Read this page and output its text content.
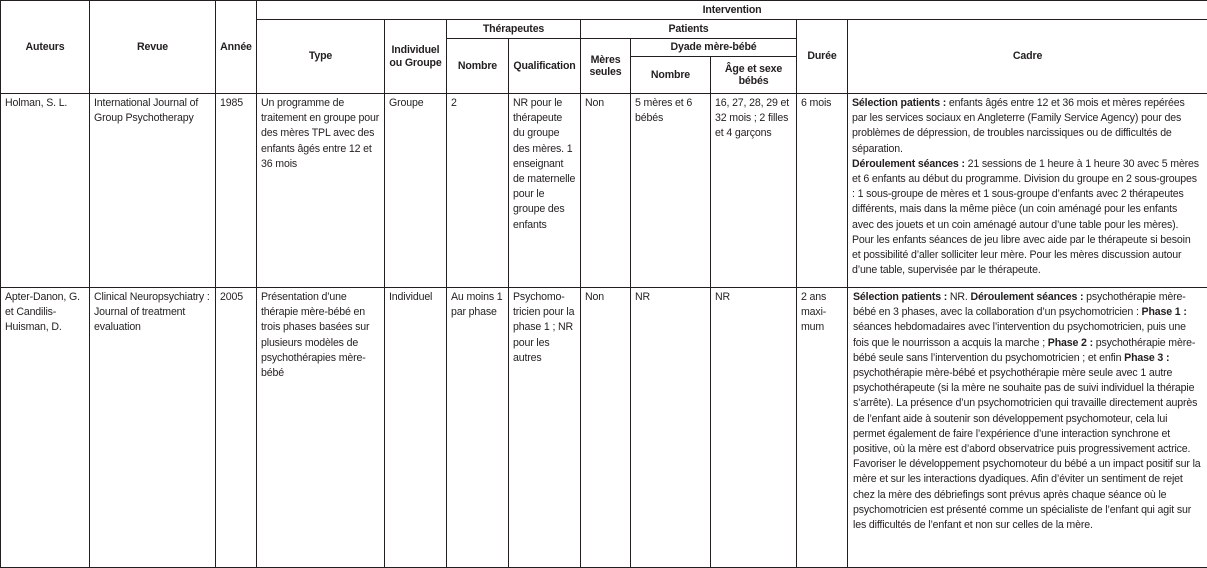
Auteurs	Revue	Année	Intervention								
			Type	Individuel ou Groupe	Thérapeutes		Patients			Durée	Cadre
					Nombre	Qualification	Mères seules	Dyade mère-bébé			
								Nombre	Âge et sexe bébés		
Holman, S. L.	International Journal of Group Psychotherapy	1985	Un programme de traitement en groupe pour des mères TPL avec des enfants âgés entre 12 et 36 mois	Groupe	2	NR pour le thérapeute du groupe des mères. 1 enseignant de maternelle pour le groupe des enfants	Non	5 mères et 6 bébés	16, 27, 28, 29 et 32 mois ; 2 filles et 4 garçons	6 mois	Sélection patients : enfants âgés entre 12 et 36 mois et mères repérées par les services sociaux en Angleterre (Family Service Agency) pour des problèmes de dépression, de troubles narcissiques ou de difficultés de séparation.
Déroulement séances : 21 sessions de 1 heure à 1 heure 30 avec 5 mères et 6 enfants au début du programme. Division du groupe en 2 sous-groupes : 1 sous-groupe de mères et 1 sous-groupe d’enfants avec 2 thérapeutes différents, mais dans la même pièce (un coin aménagé pour les enfants avec des jouets et un coin aménagé autour d’une table pour les mères). Pour les enfants séances de jeu libre avec aide par le thérapeute si besoin et possibilité d’aller solliciter leur mère. Pour les mères discussion autour d’une table, supervisée par le thérapeute.
Apter-Danon, G. et Candilis-Huisman, D.	Clinical Neuropsychiatry : Journal of treatment evaluation	2005	Présentation d’une thérapie mère-bébé en trois phases basées sur plusieurs modèles de psychothérapies mère-bébé	Individuel	Au moins 1 par phase	Psychomo-tricien pour la phase 1 ; NR pour les autres	Non	NR	NR	2 ans maxi-mum	Sélection patients : NR. Déroulement séances : psychothérapie mère-bébé en 3 phases, avec la collaboration d’un psychomotricien : Phase 1 : séances hebdomadaires avec l’intervention du psychomotricien, puis une fois que le nourrisson a acquis la marche ; Phase 2 : psychothérapie mère-bébé seule sans l’intervention du psychomotricien ; et enfin Phase 3 : psychothérapie mère-bébé et psychothérapie mère seule avec 1 autre psychothérapeute (si la mère ne souhaite pas de suivi individuel la thérapie s’arrête). La présence d’un psychomotricien qui travaille directement auprès de l’enfant aide à soutenir son développement psychomoteur, cela lui permet également de faire l’expérience d’une interaction synchrone et positive, où la mère est d’abord observatrice puis progressivement actrice. Favoriser le développement psychomoteur du bébé a un impact positif sur la mère et sur les interactions dyadiques. Afin d’éviter un sentiment de rejet chez la mère des débriefings sont prévus après chaque séance où le psychomotricien est présenté comme un spécialiste de l’enfant qui agit sur les difficultés de l’enfant et non sur celles de la mère.
